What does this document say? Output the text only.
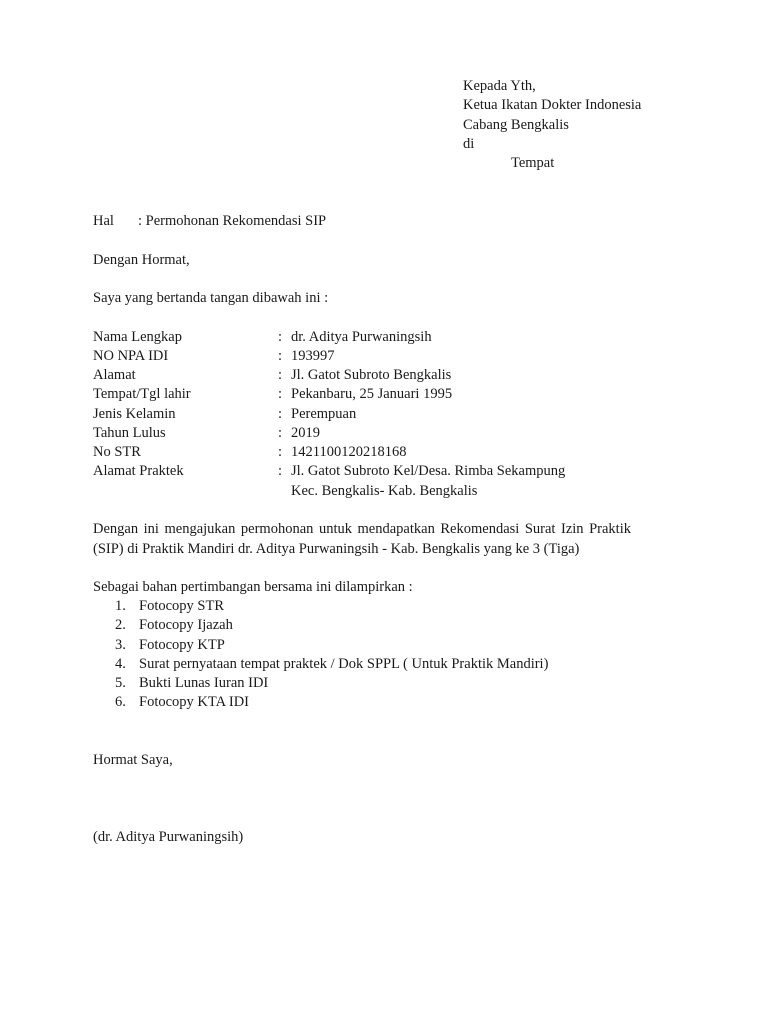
Kepada Yth,
Ketua Ikatan Dokter Indonesia
Cabang Bengkalis
di
Tempat
Hal : Permohonan Rekomendasi SIP
Dengan Hormat,
Saya yang bertanda tangan dibawah ini :
Nama Lengkap	: dr. Aditya Purwaningsih
NO NPA IDI	: 193997
Alamat	: Jl. Gatot Subroto Bengkalis
Tempat/Tgl lahir	: Pekanbaru, 25 Januari 1995
Jenis Kelamin	: Perempuan
Tahun Lulus	: 2019
No STR	: 1421100120218168
Alamat Praktek	: Jl. Gatot Subroto Kel/Desa. Rimba Sekampung
Kec. Bengkalis- Kab. Bengkalis
Dengan ini mengajukan permohonan untuk mendapatkan Rekomendasi Surat Izin Praktik
(SIP) di Praktik Mandiri dr. Aditya Purwaningsih - Kab. Bengkalis yang ke 3 (Tiga)
Sebagai bahan pertimbangan bersama ini dilampirkan :
1. Fotocopy STR
2. Fotocopy Ijazah
3. Fotocopy KTP
4. Surat pernyataan tempat praktek / Dok SPPL ( Untuk Praktik Mandiri)
5. Bukti Lunas Iuran IDI
6. Fotocopy KTA IDI
Hormat Saya,
(dr. Aditya Purwaningsih)
